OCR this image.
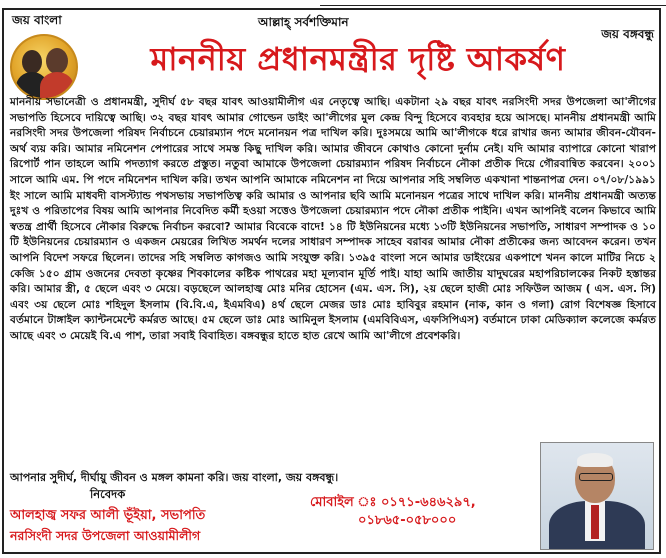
জয় বাংলা	আল্লাহ্ সর্বশক্তিমান
জয় বঙ্গবন্ধু
মাননীয় প্রধানমন্ত্রীর দৃষ্টি আকর্ষণ
মাননীয় সভানেত্রী ও প্রধানমন্ত্রী, সুদীর্ঘ ৫৮ বছর যাবৎ আওয়ামীলীগ এর নেতৃত্বে আছি। একটানা ২৯ বছর যাবৎ নরসিংদী সদর উপজেলা আ'লীগের সভাপতি হিসেবে দায়িত্বে আছি। ৩২ বছর যাবৎ আমার গোল্ডেন ডাইং আ'লীগের মুল কেন্দ্র বিন্দু হিসেবে ব্যবহার হয়ে আসছে। মাননীয় প্রধানমন্ত্রী আমি নরসিংদী সদর উপজেলা পরিষদ নির্বাচনে চেয়ারম্যান পদে মনোনয়ন পত্র দাখিল করি। দুঃসময়ে আমি আ'লীগকে ধরে রাখার জন্য আমার জীবন-যৌবন-অর্থ ব্যয় করি। আমার নমিনেশন পেপারের সাথে সমস্ত কিছু দাখিল করি। আমার জীবনে কোথাও কোনো দুর্নাম নেই। যদি আমার ব্যাপারে কোনো খারাপ রিপোর্ট পান তাহলে আমি পদত্যাগ করতে প্রস্তুত। নতুবা আমাকে উপজেলা চেয়ারম্যান পরিষদ নির্বাচনে নৌকা প্রতীক দিয়ে গৌরবান্বিত করবেন। ২০০১ সালে আমি এম. পি পদে নমিনেশন দাখিল করি। তখন আপনি আমাকে নমিনেশন না দিয়ে আপনার সহি সম্বলিত একখানা শান্তনাপত্র দেন। ০৭/০৮/১৯৯১ ইং সালে আমি মাধবদী বাসস্ট্যান্ড পথসভায় সভাপতিত্ব করি আমার ও আপনার ছবি আমি মনোনয়ন পত্রের সাথে দাখিল করি। মাননীয় প্রধানমন্ত্রী অত্যন্ত দুঃখ ও পরিতাপের বিষয় আমি আপনার নিবেদিত কর্মী হওয়া সত্তেও উপজেলা চেয়ারম্যান পদে নৌকা প্রতীক পাইনি। এখন আপনিই বলেন কিভাবে আমি স্বতন্ত্র প্রার্থী হিসেবে নৌকার বিরুদ্ধে নির্বাচন করবো? আমার বিবেকে বাদে! ১৪ টি ইউনিয়নের মধ্যে ১৩টি ইউনিয়নের সভাপতি, সাধারণ সম্পাদক ও ১০ টি ইউনিয়নের চেয়ারম্যান ও একজন মেয়রের লিখিত সমর্থন দলের সাধারণ সম্পাদক সাহেব বরাবর আমার নৌকা প্রতীকের জন্য আবেদন করেন। তখন আপনি বিদেশ সফরে ছিলেন। তাদের সহি সম্বলিত কাগজও আমি সংযুক্ত করি। ১৩৯৫ বাংলা সনে আমার ডাইংয়ের একপাশে খনন কালে মাটির নিচে ২ কেজি ১৫০ গ্রাম ওজনের দেবতা কৃষ্ণের শিবকালের কষ্টিক পাথরের মহা মূল্যবান মূর্তি পাই। যাহা আমি জাতীয় যাদুঘরের মহাপরিচালকের নিকট হস্তান্তর করি। আমার স্ত্রী, ৫ ছেলে এবং ৩ মেয়ে। বড়ছেলে আলহাজ্ব মোঃ মনির হোসেন (এম. এস. সি), ২য় ছেলে হাজী মোঃ সফিউল আজম ( এস. এস. সি) এবং ৩য় ছেলে মোঃ শহিদুল ইসলাম (বি.বি.এ, ইএমবিএ) ৪র্থ ছেলে মেজর ডাঃ মোঃ হাবিবুর রহমান (নাক, কান ও গলা) রোগ বিশেষজ্ঞ হিসাবে বর্তমানে টাঙ্গাইল ক্যান্টনমেন্টে কর্মরত আছে। ৫ম ছেলে ডাঃ মোঃ আমিনুল ইসলাম (এমবিবিএস, এফসিপিএস) বর্তমানে ঢাকা মেডিক্যাল কলেজে কর্মরত আছে এবং ৩ মেয়েই বি.এ পাশ, তারা সবাই বিবাহিত। বঙ্গবন্ধুর হাতে হাত রেখে আমি আ'লীগে প্রবেশকরি।
আপনার সুদীর্ঘ, দীর্ঘায়ু জীবন ও মঙ্গল কামনা করি। জয় বাংলা, জয় বঙ্গবন্ধু।
নিবেদক
আলহাজ্ব সফর আলী ভূঁইয়া, সভাপতি
নরসিংদী সদর উপজেলা আওয়ামীলীগ
মোবাইল ঃ ০১৭১-৬৪৬২৯৭,
০১৮৬৫-০৫৮০০০
